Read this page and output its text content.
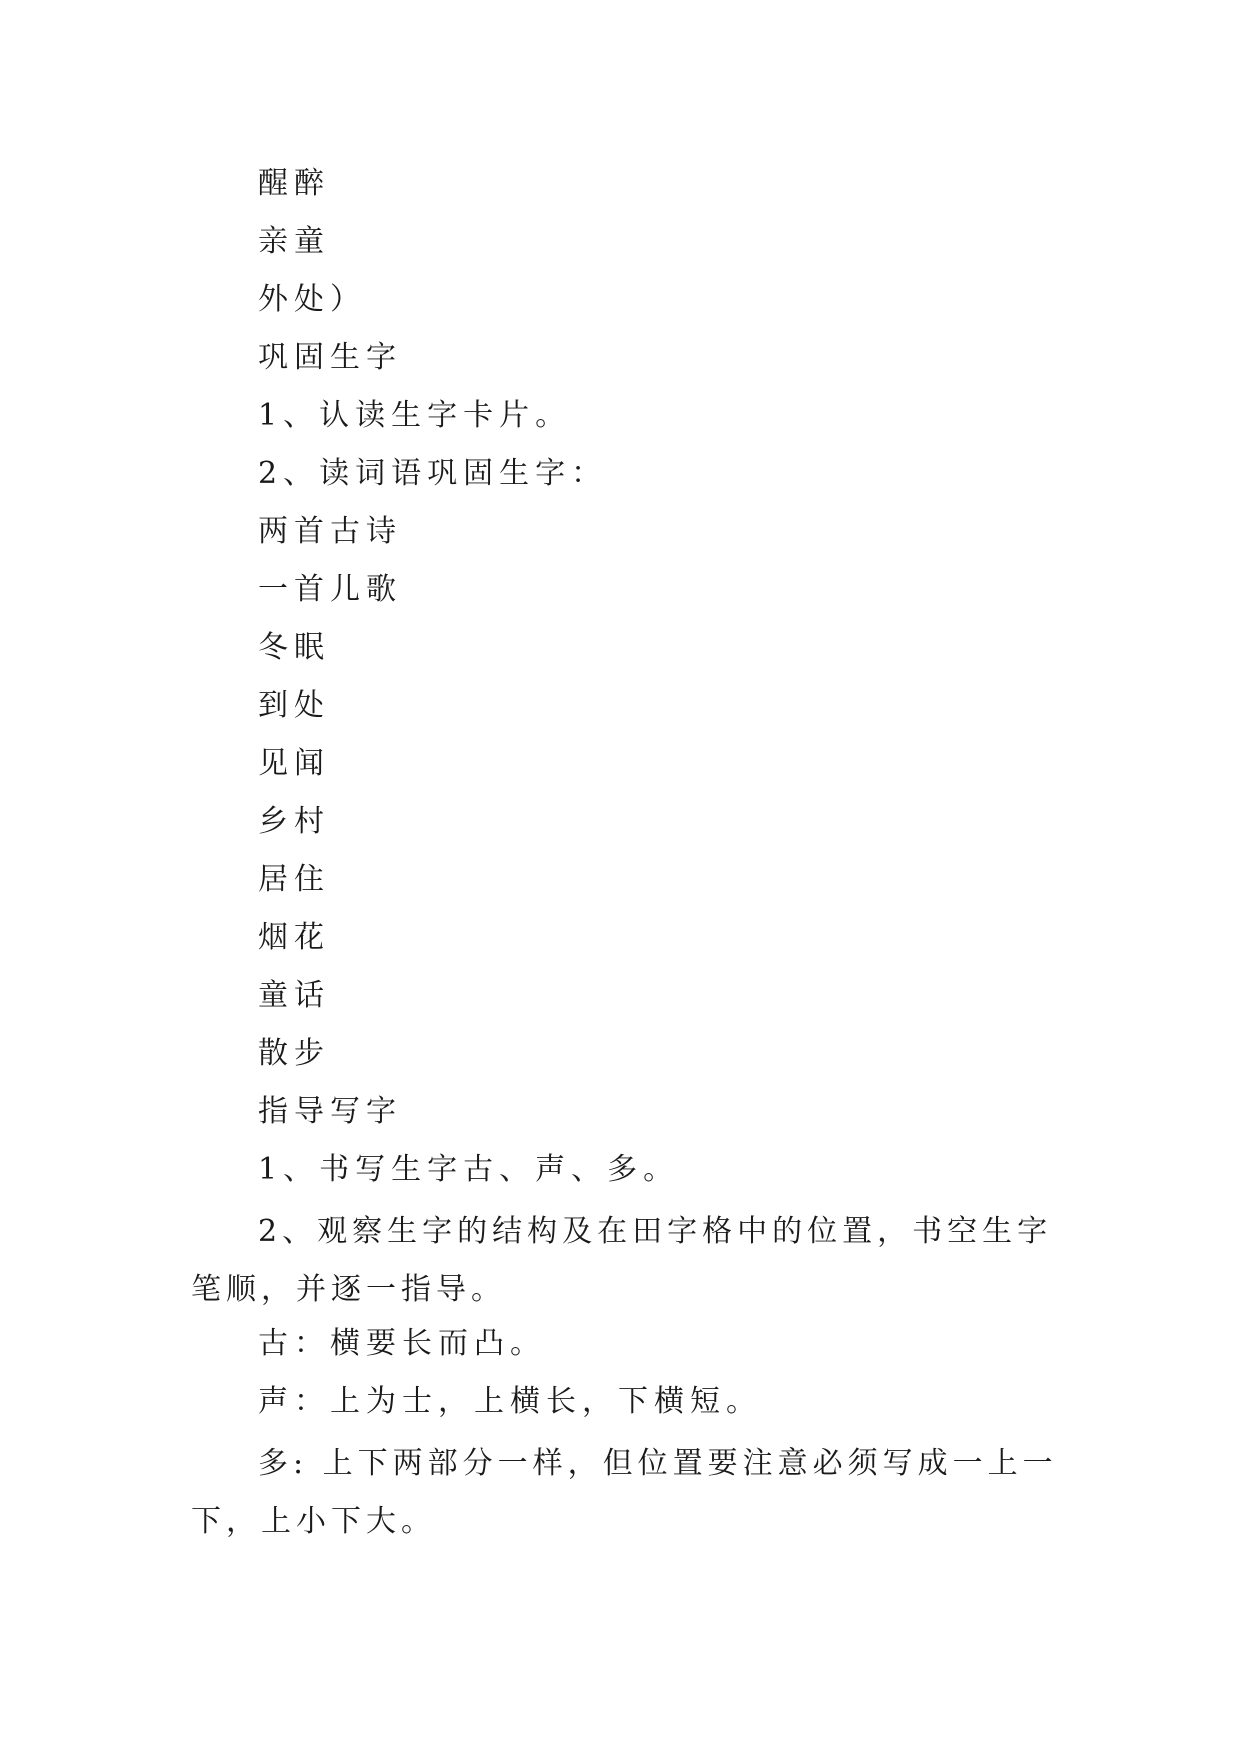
醒醉

亲童

外处）

巩固生字

1、认读生字卡片。

2、读词语巩固生字：

两首古诗

一首儿歌

冬眠

到处

见闻

乡村

居住

烟花

童话

散步

指导写字

1、书写生字古、声、多。

2、观察生字的结构及在田字格中的位置，书空生字笔顺，并逐一指导。

古：横要长而凸。

声：上为士，上横长，下横短。

多: 上下两部分一样，但位置要注意必须写成一上一下，上小下大。
